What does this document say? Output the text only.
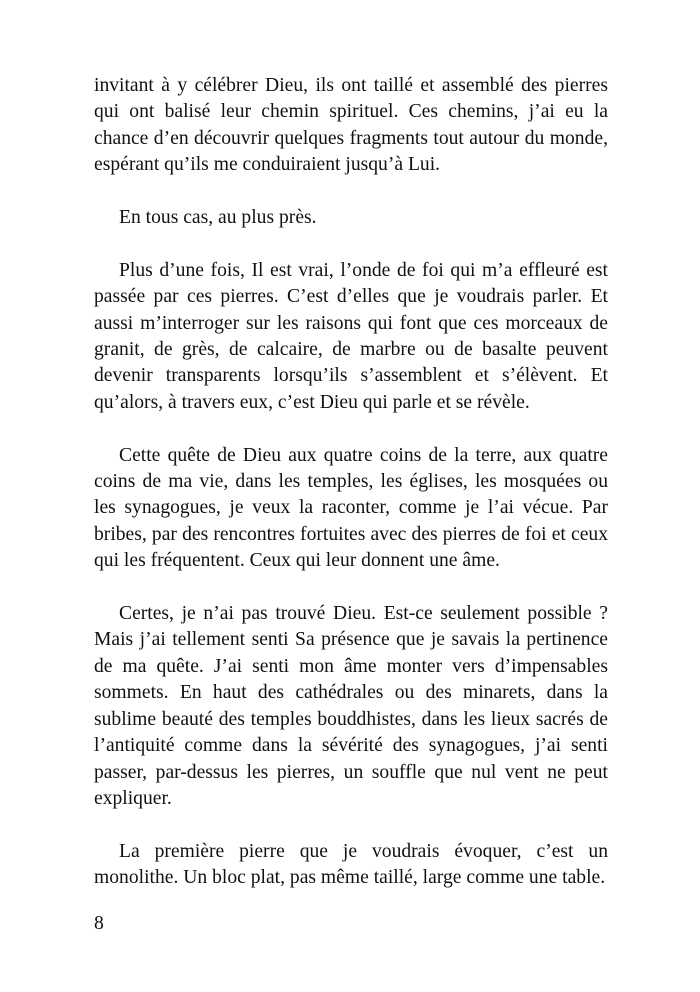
invitant à y célébrer Dieu, ils ont taillé et assemblé des pierres qui ont balisé leur chemin spirituel. Ces chemins, j’ai eu la chance d’en découvrir quelques fragments tout autour du monde, espérant qu’ils me conduiraient jusqu’à Lui.

En tous cas, au plus près.

Plus d’une fois, Il est vrai, l’onde de foi qui m’a effleuré est passée par ces pierres. C’est d’elles que je voudrais parler. Et aussi m’interroger sur les raisons qui font que ces morceaux de granit, de grès, de calcaire, de marbre ou de basalte peuvent devenir transparents lorsqu’ils s’assemblent et s’élèvent. Et qu’alors, à travers eux, c’est Dieu qui parle et se révèle.

Cette quête de Dieu aux quatre coins de la terre, aux quatre coins de ma vie, dans les temples, les églises, les mosquées ou les synagogues, je veux la raconter, comme je l’ai vécue. Par bribes, par des rencontres fortuites avec des pierres de foi et ceux qui les fréquentent. Ceux qui leur donnent une âme.

Certes, je n’ai pas trouvé Dieu. Est-ce seulement possible ? Mais j’ai tellement senti Sa présence que je savais la pertinence de ma quête. J’ai senti mon âme monter vers d’impensables sommets. En haut des cathédrales ou des minarets, dans la sublime beauté des temples bouddhistes, dans les lieux sacrés de l’antiquité comme dans la sévérité des synagogues, j’ai senti passer, par-dessus les pierres, un souffle que nul vent ne peut expliquer.

La première pierre que je voudrais évoquer, c’est un monolithe. Un bloc plat, pas même taillé, large comme une table.

8
